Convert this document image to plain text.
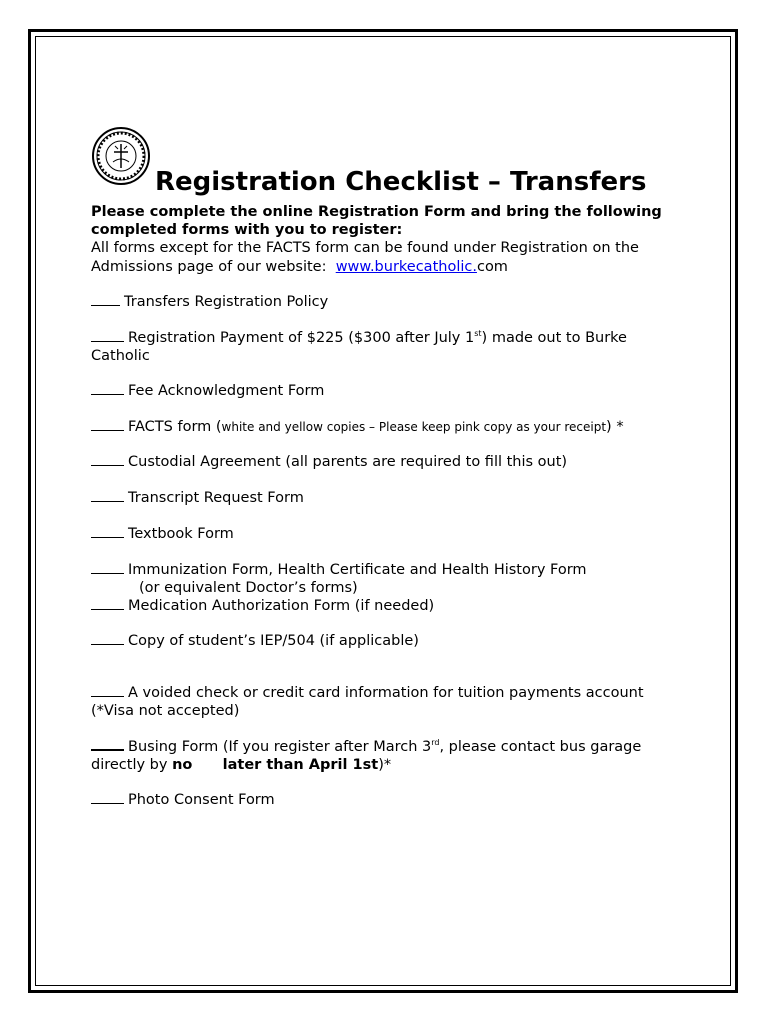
Registration Checklist – Transfers
Please complete the online Registration Form and bring the following completed forms with you to register:
All forms except for the FACTS form can be found under Registration on the Admissions page of our website: www.burkecatholic.com

Transfers Registration Policy

Registration Payment of $225 ($300 after July 1st) made out to Burke Catholic

Fee Acknowledgment Form

FACTS form (white and yellow copies – Please keep pink copy as your receipt) *

Custodial Agreement (all parents are required to fill this out)

Transcript Request Form

Textbook Form

Immunization Form, Health Certificate and Health History Form

(or equivalent Doctor’s forms)

Medication Authorization Form (if needed)

Copy of student’s IEP/504 (if applicable)

A voided check or credit card information for tuition payments account (*Visa not accepted)

Busing Form (If you register after March 3rd, please contact bus garage directly by no      later than April 1st)*

Photo Consent Form
